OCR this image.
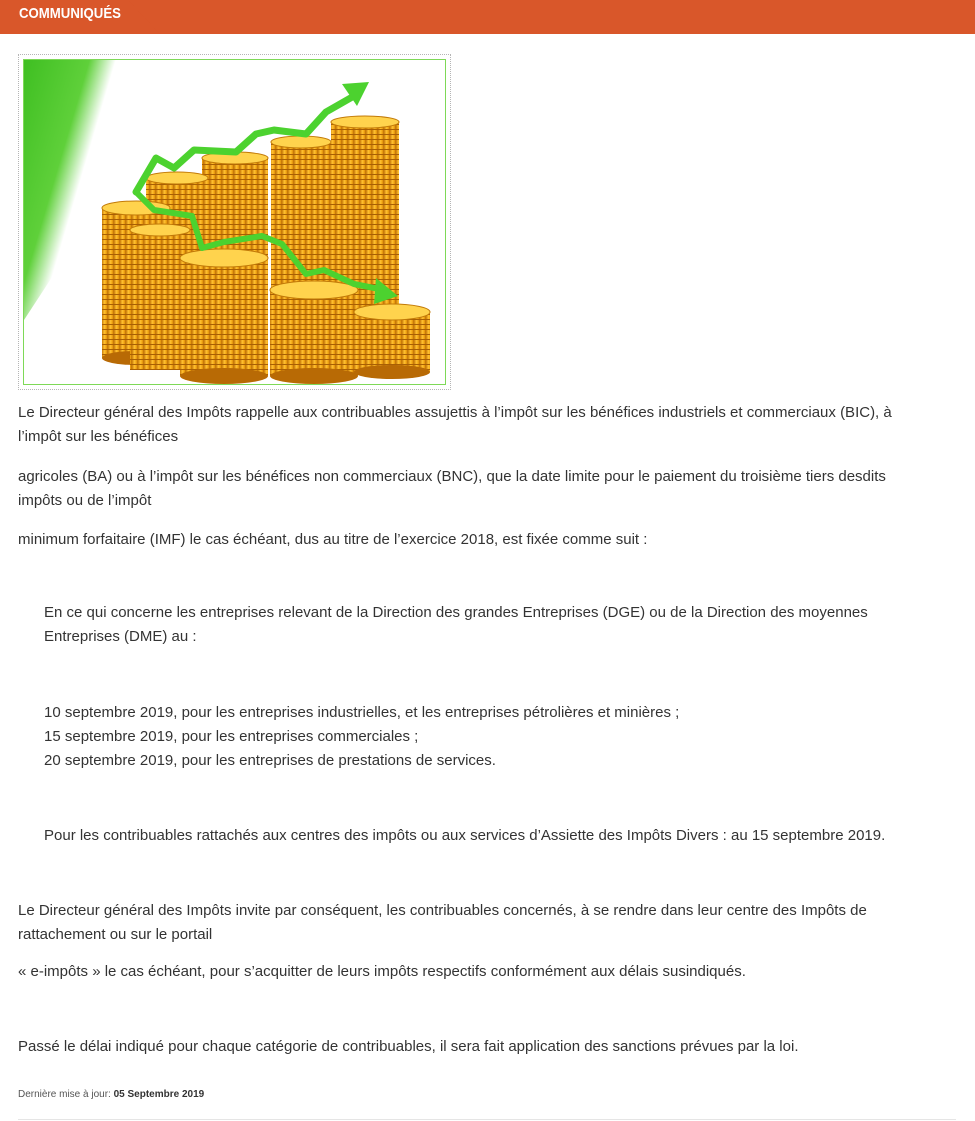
COMMUNIQUÉS

Le Directeur général des Impôts rappelle aux contribuables assujettis à l’impôt sur les bénéfices industriels et commerciaux (BIC), à
l’impôt sur les bénéfices

agricoles (BA) ou à l’impôt sur les bénéfices non commerciaux (BNC), que la date limite pour le paiement du troisième tiers desdits
impôts ou de l’impôt

minimum forfaitaire (IMF) le cas échéant, dus au titre de l’exercice 2018, est fixée comme suit :

En ce qui concerne les entreprises relevant de la Direction des grandes Entreprises (DGE) ou de la Direction des moyennes
Entreprises (DME) au :

10 septembre 2019, pour les entreprises industrielles, et les entreprises pétrolières et minières ;
15 septembre 2019, pour les entreprises commerciales ;
20 septembre 2019, pour les entreprises de prestations de services.

Pour les contribuables rattachés aux centres des impôts ou aux services d’Assiette des Impôts Divers : au 15 septembre 2019.

Le Directeur général des Impôts invite par conséquent, les contribuables concernés, à se rendre dans leur centre des Impôts de
rattachement ou sur le portail

« e-impôts » le cas échéant, pour s’acquitter de leurs impôts respectifs conformément aux délais susindiqués.

Passé le délai indiqué pour chaque catégorie de contribuables, il sera fait application des sanctions prévues par la loi.

Dernière mise à jour: 05 Septembre 2019
